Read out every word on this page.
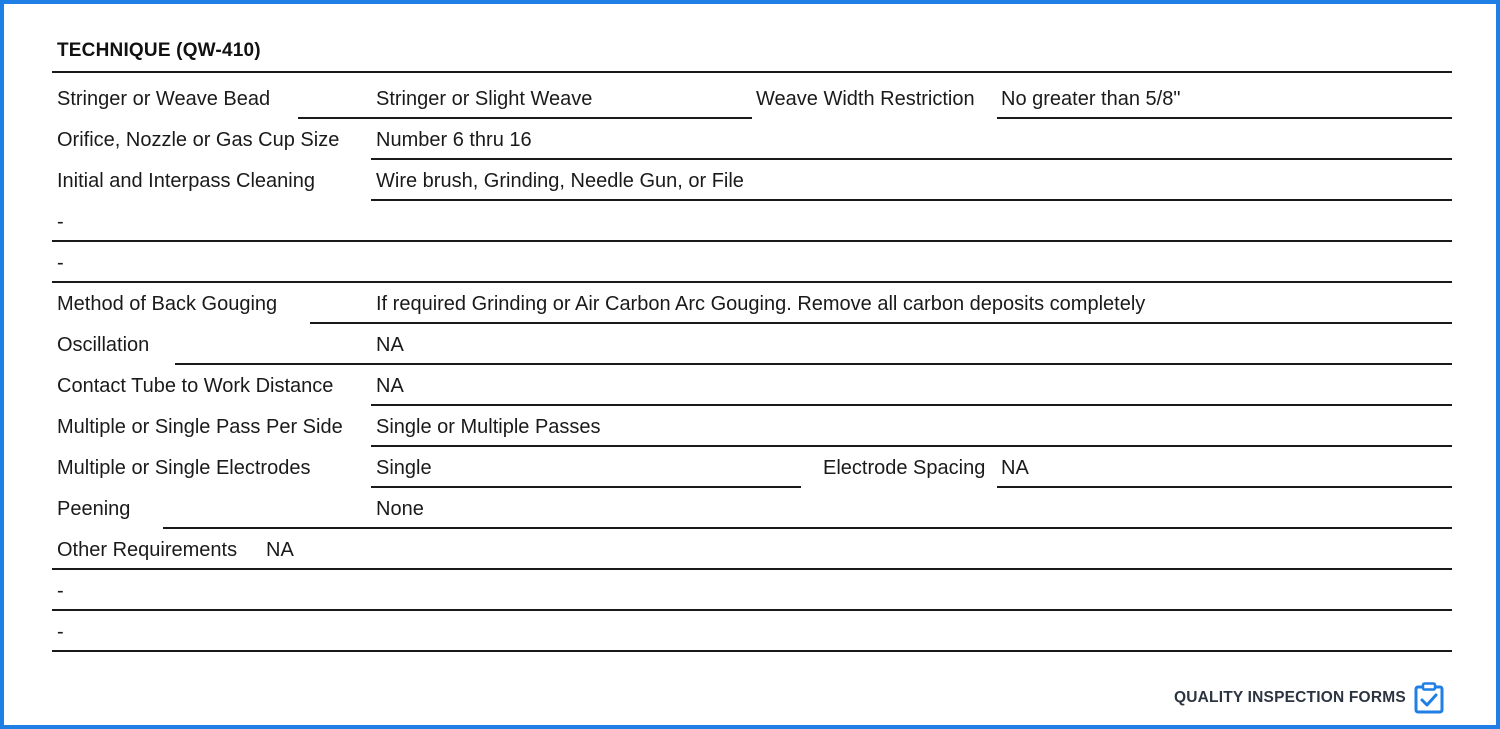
TECHNIQUE (QW-410)
Stringer or Weave Bead	Stringer or Slight Weave	Weave Width Restriction No greater than 5/8"
Orifice, Nozzle or Gas Cup Size Number 6 thru 16
Initial and Interpass Cleaning	Wire brush, Grinding, Needle Gun, or File
-
-
Method of Back Gouging	If required Grinding or Air Carbon Arc Gouging. Remove all carbon deposits completely
Oscillation	NA
Contact Tube to Work Distance NA
Multiple or Single Pass Per Side Single or Multiple Passes
Multiple or Single Electrodes	Single	Electrode Spacing NA
Peening	None
Other Requirements NA
-
-
QUALITY INSPECTION FORMS
